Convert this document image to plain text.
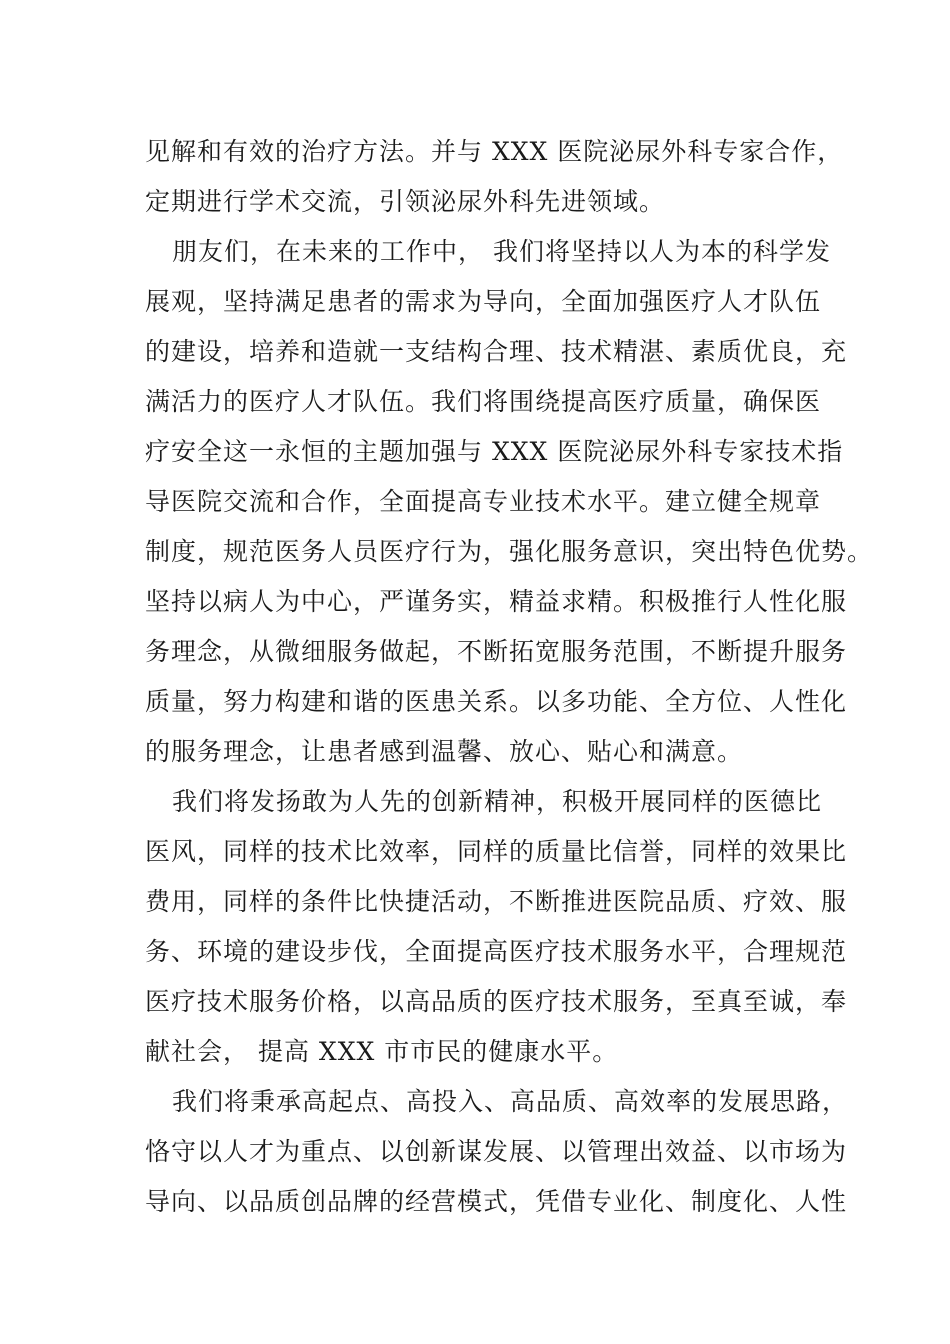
见解和有效的治疗方法。并与 XXX 医院泌尿外科专家合作，
定期进行学术交流，引领泌尿外科先进领域。
朋友们，在未来的工作中， 我们将坚持以人为本的科学发
展观，坚持满足患者的需求为导向，全面加强医疗人才队伍
的建设，培养和造就一支结构合理、技术精湛、素质优良，充
满活力的医疗人才队伍。我们将围绕提高医疗质量，确保医
疗安全这一永恒的主题加强与 XXX 医院泌尿外科专家技术指
导医院交流和合作，全面提高专业技术水平。建立健全规章
制度，规范医务人员医疗行为，强化服务意识，突出特色优势。
坚持以病人为中心，严谨务实，精益求精。积极推行人性化服
务理念，从微细服务做起，不断拓宽服务范围，不断提升服务
质量，努力构建和谐的医患关系。以多功能、全方位、人性化
的服务理念，让患者感到温馨、放心、贴心和满意。
我们将发扬敢为人先的创新精神，积极开展同样的医德比
医风，同样的技术比效率，同样的质量比信誉，同样的效果比
费用，同样的条件比快捷活动，不断推进医院品质、疗效、服
务、环境的建设步伐，全面提高医疗技术服务水平，合理规范
医疗技术服务价格，以高品质的医疗技术服务，至真至诚，奉
献社会， 提高 XXX 市市民的健康水平。
我们将秉承高起点、高投入、高品质、高效率的发展思路，
恪守以人才为重点、以创新谋发展、以管理出效益、以市场为
导向、以品质创品牌的经营模式，凭借专业化、制度化、人性
